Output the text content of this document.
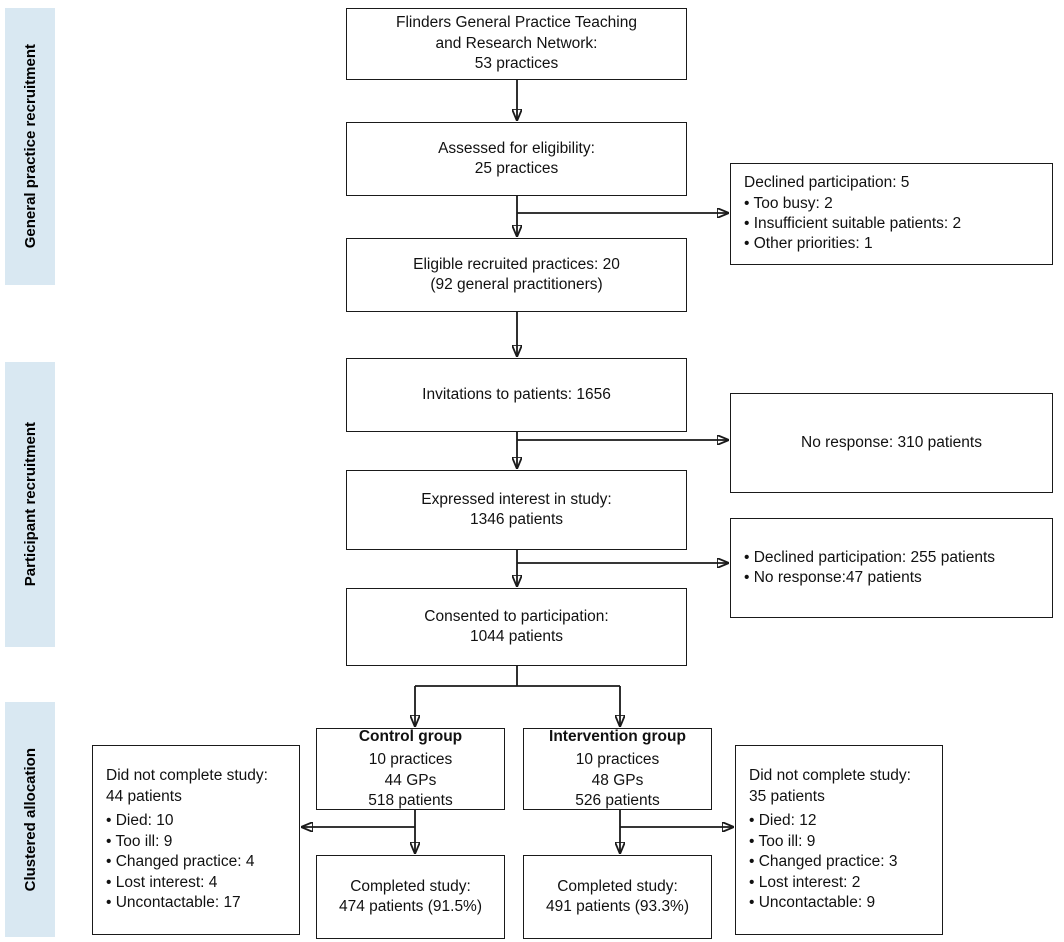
General practice recruitment
Participant recruitment
Clustered allocation
Flinders General Practice Teaching
and Research Network:
53 practices
Assessed for eligibility:
25 practices
Eligible recruited practices: 20
(92 general practitioners)
Invitations to patients: 1656
Expressed interest in study:
1346 patients
Consented to participation:
1044 patients
Declined participation: 5
• Too busy: 2
• Insufficient suitable patients: 2
• Other priorities: 1
No response: 310 patients
• Declined participation: 255 patients
• No response:47 patients
Control group
10 practices
44 GPs
518 patients
Intervention group
10 practices
48 GPs
526 patients
Did not complete study:
44 patients
• Died: 10
• Too ill: 9
• Changed practice: 4
• Lost interest: 4
• Uncontactable: 17
Did not complete study:
35 patients
• Died: 12
• Too ill: 9
• Changed practice: 3
• Lost interest: 2
• Uncontactable: 9
Completed study:
474 patients (91.5%)
Completed study:
491 patients (93.3%)
